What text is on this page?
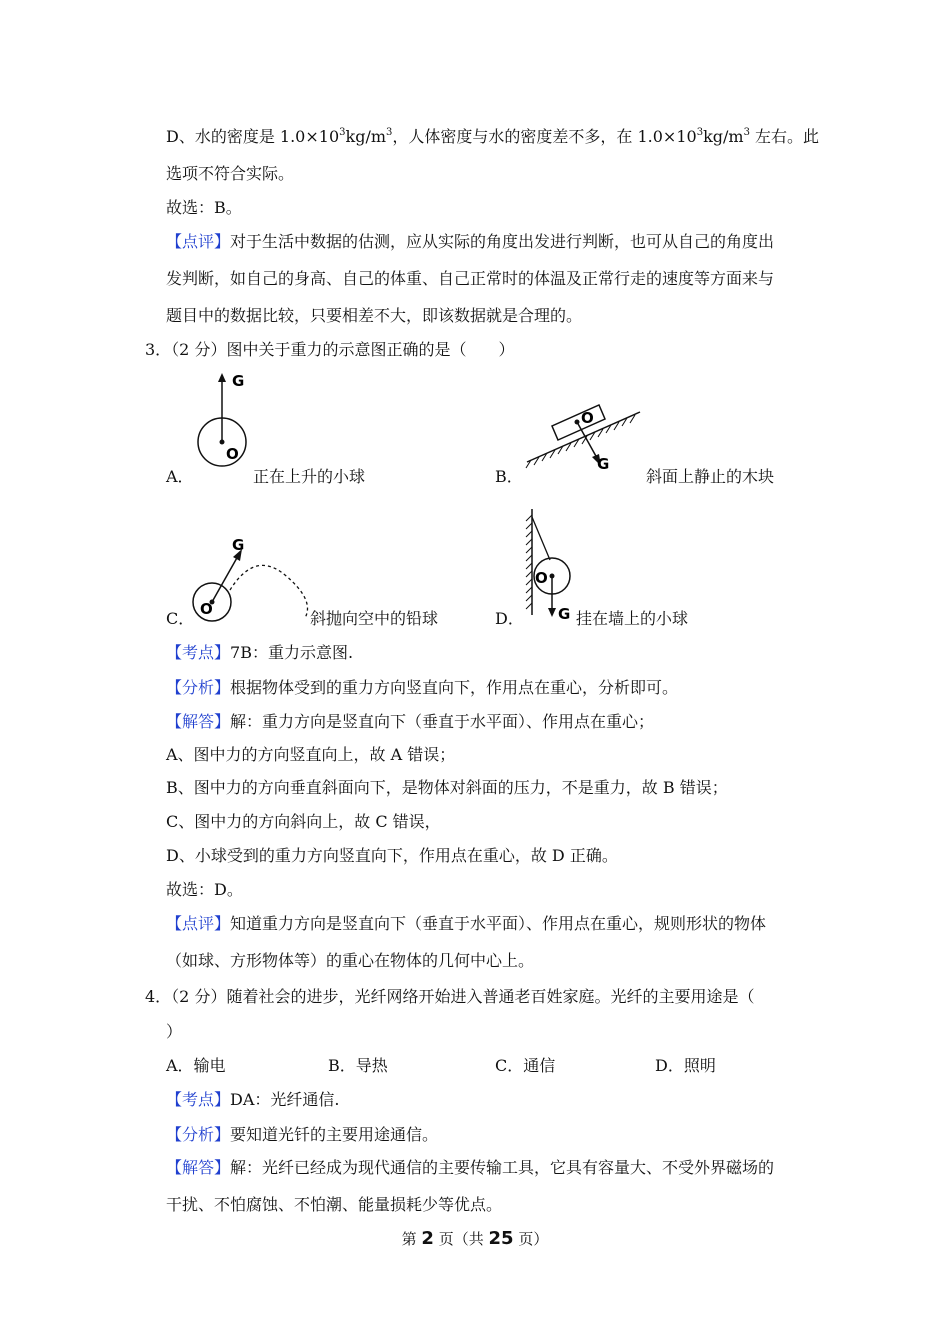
D、水的密度是 $1.0\times 10^3kg/m^3$，人体密度与水的密度差不多，在 $1.0\times 10^3kg/m^3$ 左右。此
选项不符合实际。
故选：B。
【点评】对于生活中数据的估测，应从实际的角度出发进行判断，也可从自己的角度出
发判断，如自己的身高、自己的体重、自己正常时的体温及正常行走的速度等方面来与
题目中的数据比较，只要相差不大，即该数据就是合理的。
3．（2 分）图中关于重力的示意图正确的是（　　）
G
O
A．	正在上升的小球
O
G
B．	斜面上静止的木块
G
O
C．	斜抛向空中的铅球
O
G
D．	挂在墙上的小球
【考点】7B：重力示意图.
【分析】根据物体受到的重力方向竖直向下，作用点在重心，分析即可。
【解答】解：重力方向是竖直向下（垂直于水平面）、作用点在重心；
A、图中力的方向竖直向上，故 A 错误；
B、图中力的方向垂直斜面向下，是物体对斜面的压力，不是重力，故 B 错误；
C、图中力的方向斜向上，故 C 错误，
D、小球受到的重力方向竖直向下，作用点在重心，故 D 正确。
故选：D。
【点评】知道重力方向是竖直向下（垂直于水平面）、作用点在重心，规则形状的物体
（如球、方形物体等）的重心在物体的几何中心上。
4．（2 分）随着社会的进步，光纤网络开始进入普通老百姓家庭。光纤的主要用途是（
）
A．输电	B．导热	C．通信	D．照明
【考点】DA：光纤通信.
【分析】要知道光钎的主要用途通信。
【解答】解：光纤已经成为现代通信的主要传输工具，它具有容量大、不受外界磁场的
干扰、不怕腐蚀、不怕潮、能量损耗少等优点。
第 2 页（共 25 页）
